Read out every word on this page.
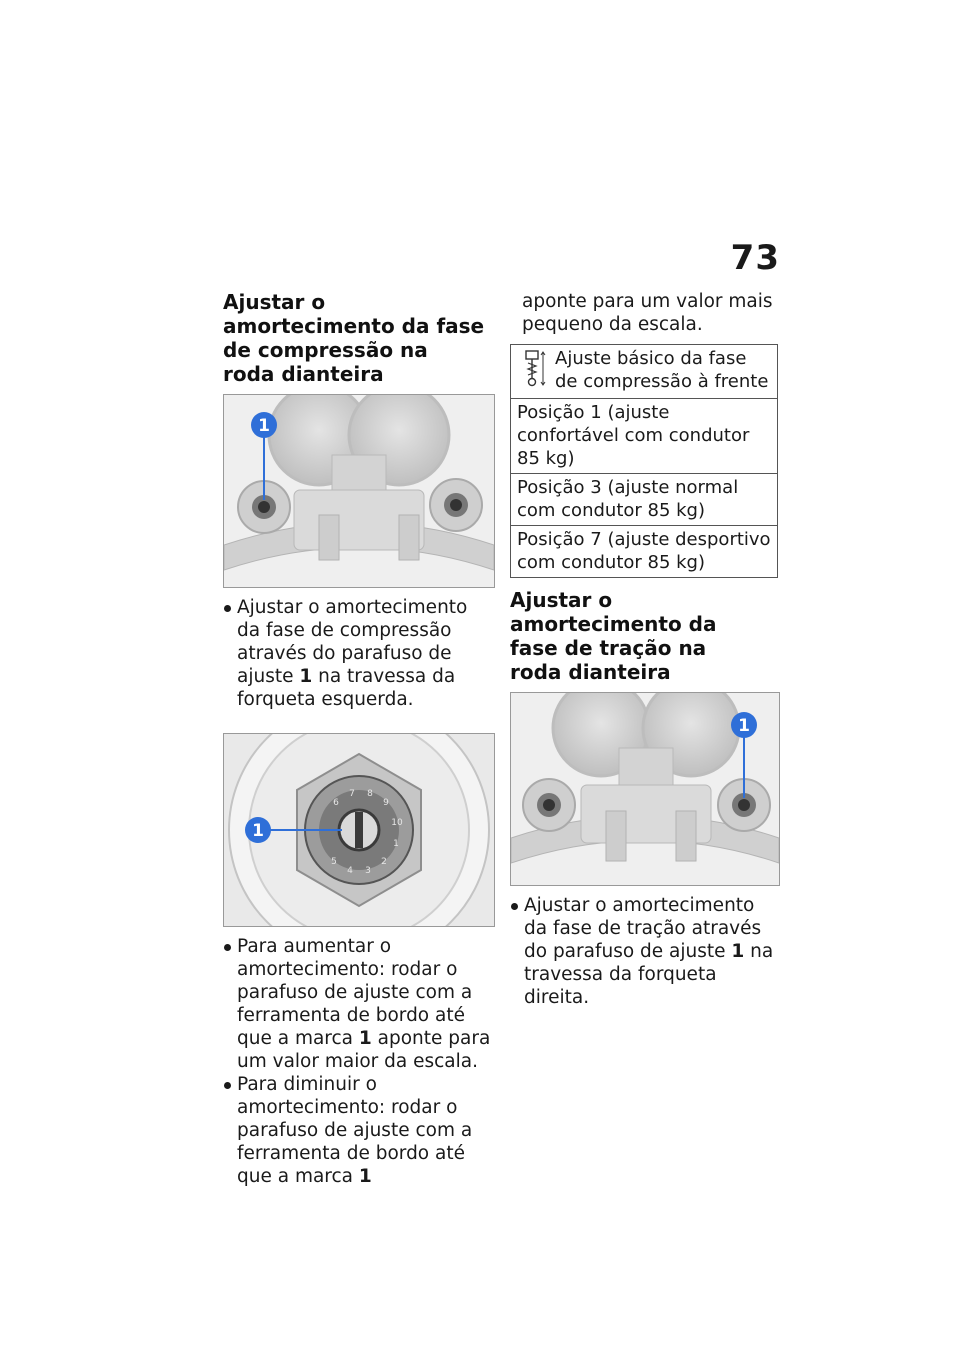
73
Ajustar o amortecimento da fase de compressão na roda dianteira
1
Ajustar o amortecimento da fase de compressão através do parafuso de ajuste 1 na travessa da forqueta esquerda.
6
7 8
9
10
1
2
3
4
5
1
Para aumentar o amortecimento: rodar o parafuso de ajuste com a ferramenta de bordo até que a marca 1 aponte para um valor maior da escala.
Para diminuir o amortecimento: rodar o parafuso de ajuste com a ferramenta de bordo até que a marca 1

aponte para um valor mais pequeno da escala.

Ajuste básico da fase de compressão à frente

Posição 1 (ajuste confortável com condutor 85 kg)
Posição 3 (ajuste normal com condutor 85 kg)
Posição 7 (ajuste desportivo com condutor 85 kg)
Ajustar o amortecimento da fase de tração na roda dianteira
1
Ajustar o amortecimento da fase de tração através do parafuso de ajuste 1 na travessa da forqueta direita.
